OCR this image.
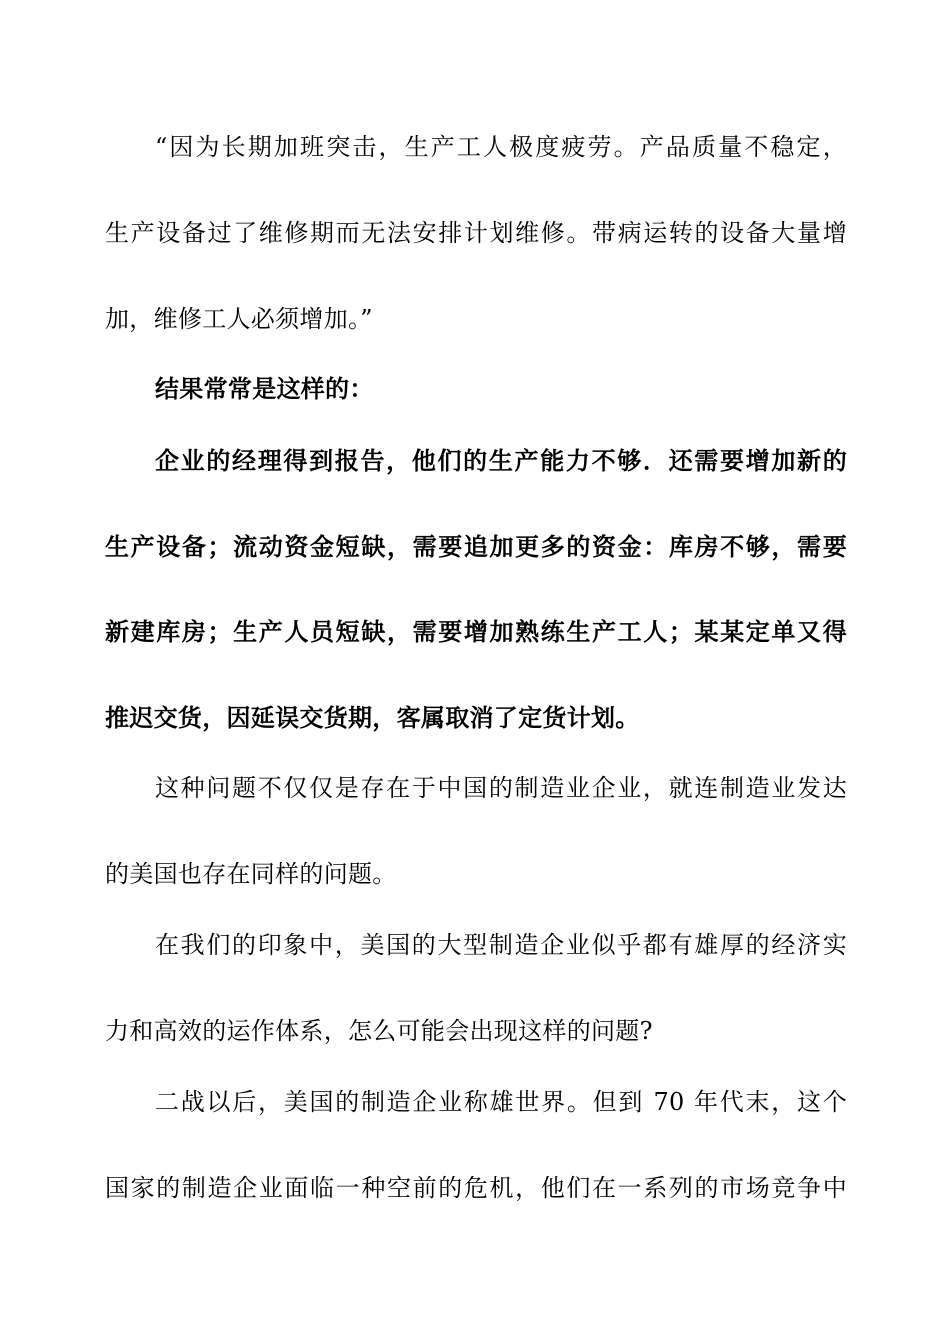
“因为长期加班突击，生产工人极度疲劳。产品质量不稳定，
生产设备过了维修期而无法安排计划维修。带病运转的设备大量增
加，维修工人必须增加。”
结果常常是这样的：
企业的经理得到报告，他们的生产能力不够．还需要增加新的
生产设备；流动资金短缺，需要追加更多的资金：库房不够，需要
新建库房；生产人员短缺，需要增加熟练生产工人；某某定单又得
推迟交货，因延误交货期，客属取消了定货计划。
这种问题不仅仅是存在于中国的制造业企业，就连制造业发达
的美国也存在同样的问题。
在我们的印象中，美国的大型制造企业似乎都有雄厚的经济实
力和高效的运作体系，怎么可能会出现这样的问题?
二战以后，美国的制造企业称雄世界。但到 70 年代末，这个
国家的制造企业面临一种空前的危机，他们在一系列的市场竞争中
